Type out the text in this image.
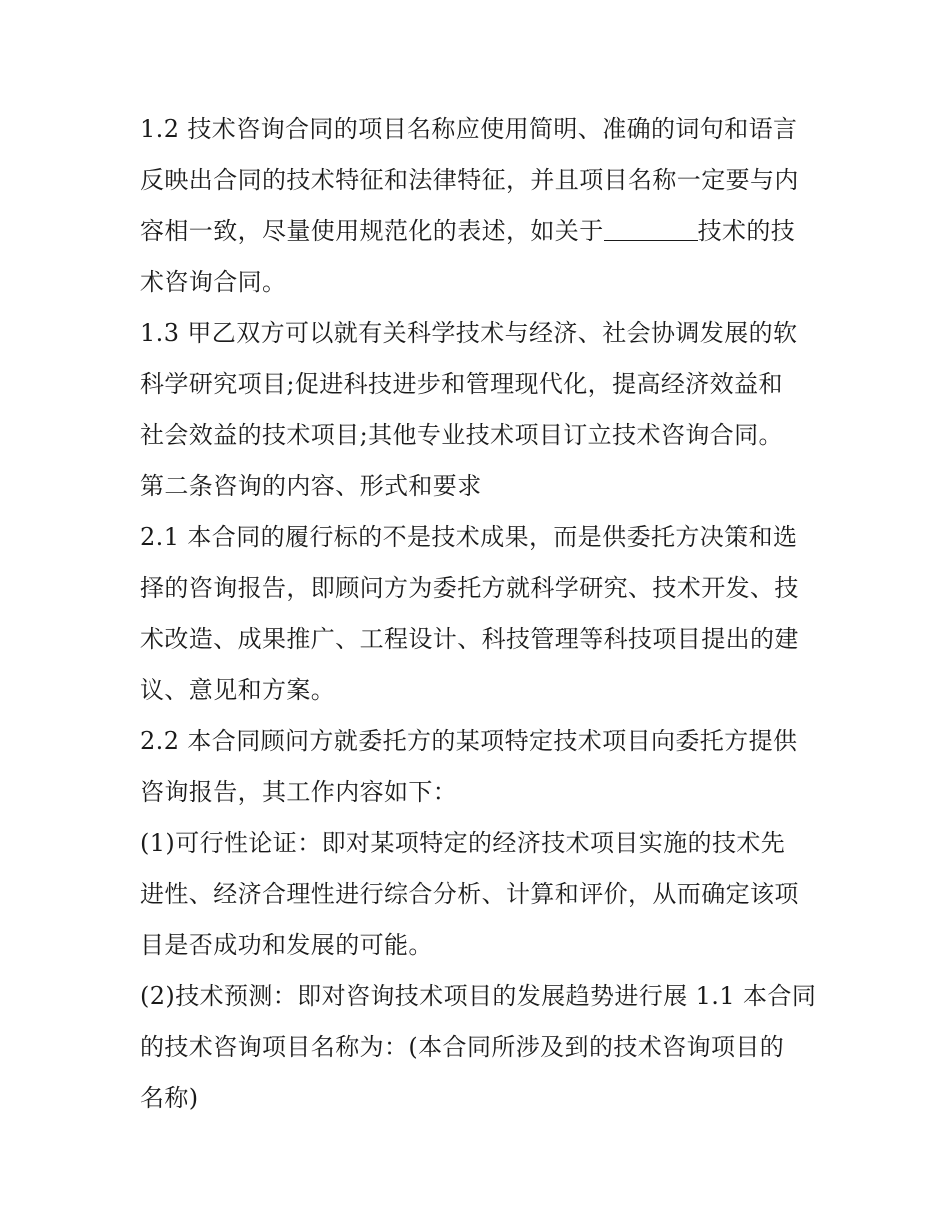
1.2 技术咨询合同的项目名称应使用简明、准确的词句和语言
反映出合同的技术特征和法律特征，并且项目名称一定要与内
容相一致，尽量使用规范化的表述，如关于	技术的技
术咨询合同。
1.3 甲乙双方可以就有关科学技术与经济、社会协调发展的软
科学研究项目;促进科技进步和管理现代化，提高经济效益和
社会效益的技术项目;其他专业技术项目订立技术咨询合同。
第二条咨询的内容、形式和要求
2.1 本合同的履行标的不是技术成果，而是供委托方决策和选
择的咨询报告，即顾问方为委托方就科学研究、技术开发、技
术改造、成果推广、工程设计、科技管理等科技项目提出的建
议、意见和方案。
2.2 本合同顾问方就委托方的某项特定技术项目向委托方提供
咨询报告，其工作内容如下：
(1)可行性论证：即对某项特定的经济技术项目实施的技术先
进性、经济合理性进行综合分析、计算和评价，从而确定该项
目是否成功和发展的可能。
(2)技术预测：即对咨询技术项目的发展趋势进行展 1.1 本合同
的技术咨询项目名称为：(本合同所涉及到的技术咨询项目的
名称)
